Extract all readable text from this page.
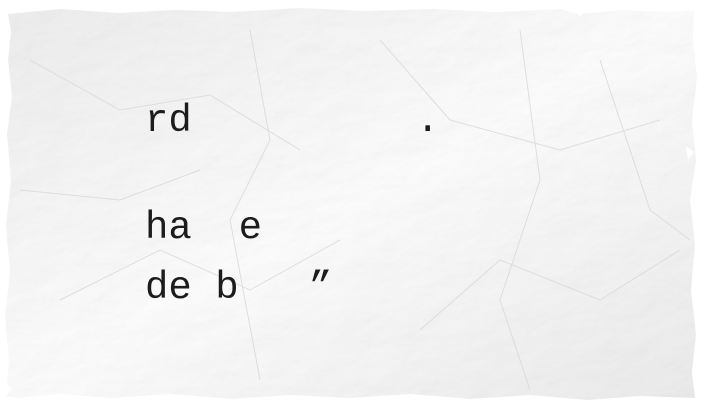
rd	.
ha  e
de b   ”
